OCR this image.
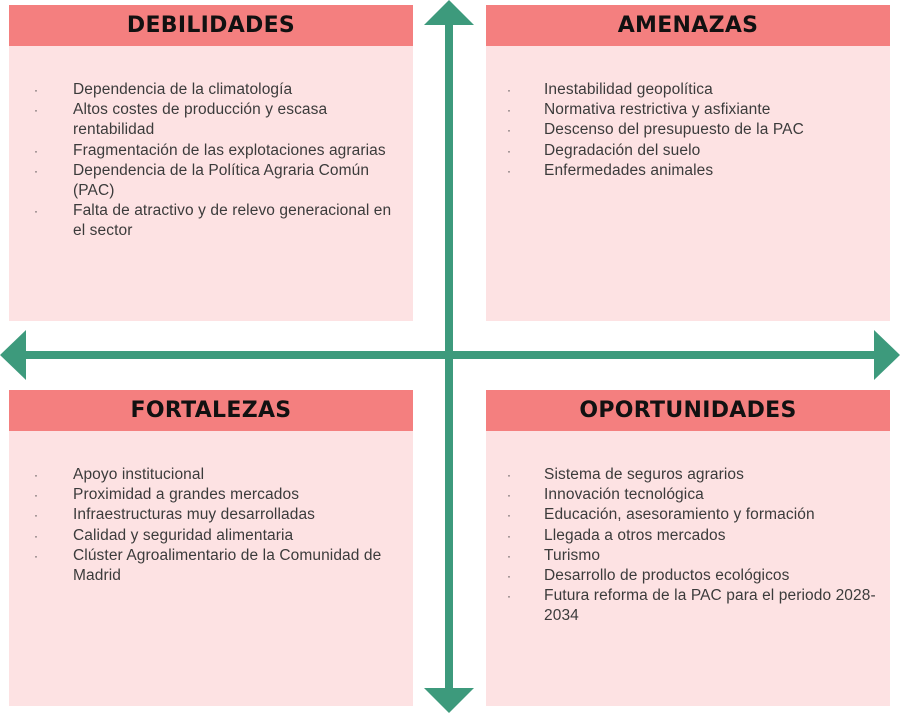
DEBILIDADES
· Dependencia de la climatología
· Altos costes de producción y escasa rentabilidad
· Fragmentación de las explotaciones agrarias
· Dependencia de la Política Agraria Común (PAC)
· Falta de atractivo y de relevo generacional en el sector
AMENAZAS
· Inestabilidad geopolítica
· Normativa restrictiva y asfixiante
· Descenso del presupuesto de la PAC
· Degradación del suelo
· Enfermedades animales
FORTALEZAS
· Apoyo institucional
· Proximidad a grandes mercados
· Infraestructuras muy desarrolladas
· Calidad y seguridad alimentaria
· Clúster Agroalimentario de la Comunidad de Madrid
OPORTUNIDADES
· Sistema de seguros agrarios
· Innovación tecnológica
· Educación, asesoramiento y formación
· Llegada a otros mercados
· Turismo
· Desarrollo de productos ecológicos
· Futura reforma de la PAC para el periodo 2028- 2034
